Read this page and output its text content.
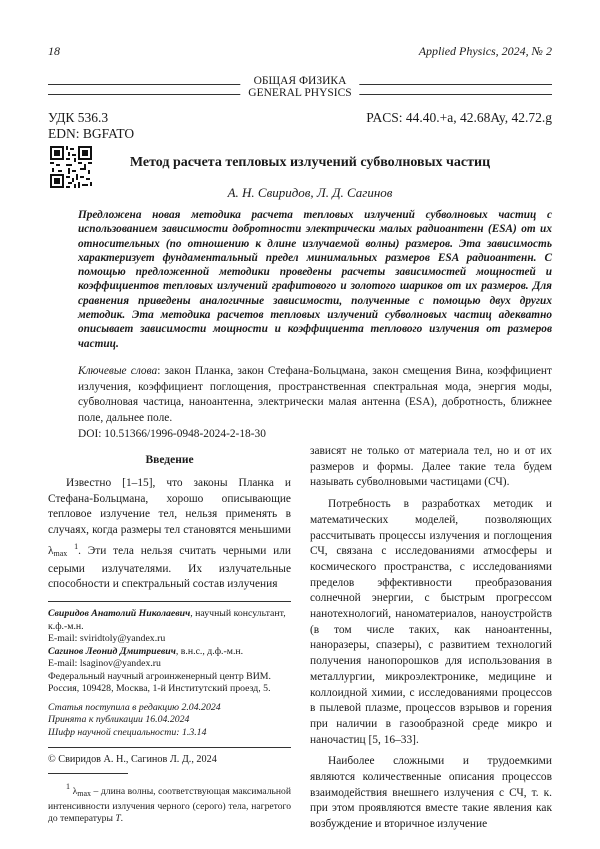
18	Applied Physics, 2024, № 2
ОБЩАЯ ФИЗИКА
GENERAL PHYSICS
УДК 536.3
EDN: BGFATO
PACS: 44.40.+a, 42.68Ay, 42.72.g
Метод расчета тепловых излучений субволновых частиц
А. Н. Свиридов, Л. Д. Сагинов
Предложена новая методика расчета тепловых излучений субволновых частиц с использованием зависимости добротности электрически малых радиоантенн (ESA) от их относительных (по отношению к длине излучаемой волны) размеров. Эта зависимость характеризует фундаментальный предел минимальных размеров ESA радиоантенн. С помощью предложенной методики проведены расчеты зависимостей мощностей и коэффициентов тепловых излучений графитового и золотого шариков от их размеров. Для сравнения приведены аналогичные зависимости, полученные с помощью двух других методик. Эта методика расчетов тепловых излучений субволновых частиц адекватно описывает зависимости мощности и коэффициента теплового излучения от размеров частиц.
Ключевые слова: закон Планка, закон Стефана-Больцмана, закон смещения Вина, коэффициент излучения, коэффициент поглощения, пространственная спектральная мода, энергия моды, субволновая частица, наноантенна, электрически малая антенна (ESA), добротность, ближнее поле, дальнее поле.
DOI: 10.51366/1996-0948-2024-2-18-30
Введение

Известно [1–15], что законы Планка и Стефана-Больцмана, хорошо описывающие тепловое излучение тел, нельзя применять в случаях, когда размеры тел становятся меньшими $\lambda_{max}$ $^1$. Эти тела нельзя считать черными или серыми излучателями. Их излучательные способности и спектральный состав излучения

Свиридов Анатолий Николаевич, научный консультант, к.ф.-м.н.
E-mail: sviridtoly@yandex.ru
Сагинов Леонид Дмитриевич, в.н.с., д.ф.-м.н.
E-mail: lsaginov@yandex.ru
Федеральный научный агроинженерный центр ВИМ. Россия, 109428, Москва, 1-й Институтский проезд, 5.
Статья поступила в редакцию 2.04.2024
Принята к публикации 16.04.2024
Шифр научной специальности: 1.3.14
© Свиридов А. Н., Сагинов Л. Д., 2024
$^1$ $\lambda_{max}$ – длина волны, соответствующая максимальной интенсивности излучения черного (серого) тела, нагретого до температуры T.

зависят не только от материала тел, но и от их размеров и формы. Далее такие тела будем называть субволновыми частицами (СЧ).

Потребность в разработках методик и математических моделей, позволяющих рассчитывать процессы излучения и поглощения СЧ, связана с исследованиями атмосферы и космического пространства, с исследованиями пределов эффективности преобразования солнечной энергии, с быстрым прогрессом нанотехнологий, наноматериалов, наноустройств (в том числе таких, как наноантенны, наноразеры, спазеры), с развитием технологий получения нанопорошков для использования в металлургии, микроэлектронике, медицине и коллоидной химии, с исследованиями процессов в пылевой плазме, процессов взрывов и горения при наличии в газообразной среде микро и наночастиц [5, 16–33].

Наиболее сложными и трудоемкими являются количественные описания процессов взаимодействия внешнего излучения с СЧ, т. к. при этом проявляются вместе такие явления как возбуждение и вторичное излучение
